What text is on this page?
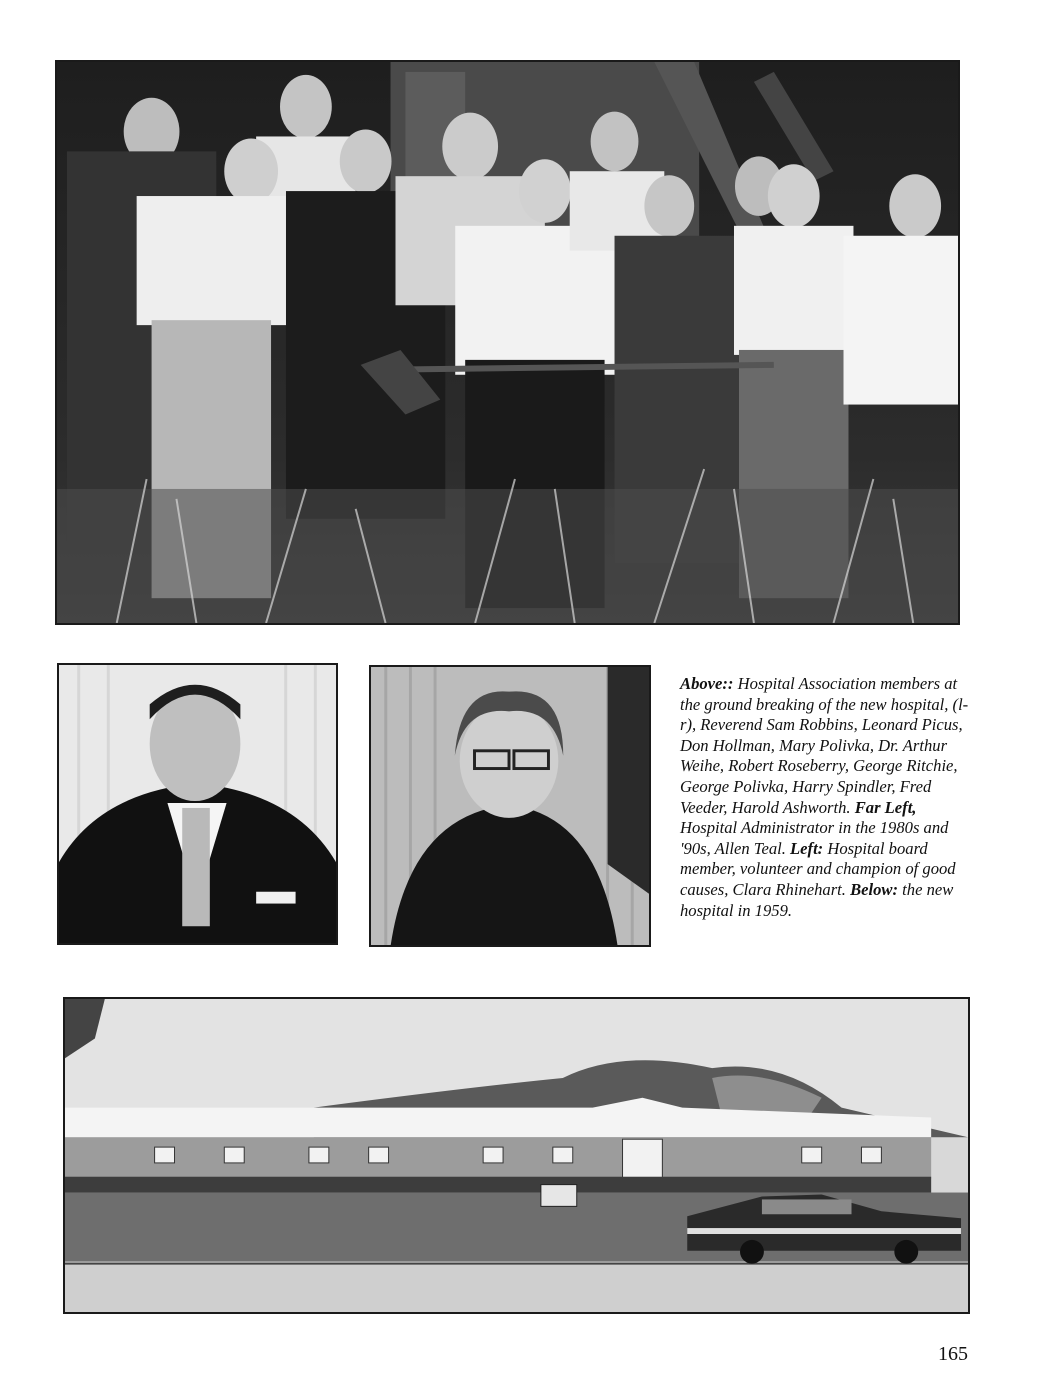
Above:: Hospital Association members at the ground breaking of the new hospital, (l-r), Reverend Sam Robbins, Leonard Picus, Don Hollman, Mary Polivka, Dr. Arthur Weihe, Robert Roseberry, George Ritchie, George Polivka, Harry Spindler, Fred Veeder, Harold Ashworth. Far Left, Hospital Administrator in the 1980s and '90s, Allen Teal. Left: Hospital board member, volunteer and champion of good causes, Clara Rhinehart. Below: the new hospital in 1959.
165
